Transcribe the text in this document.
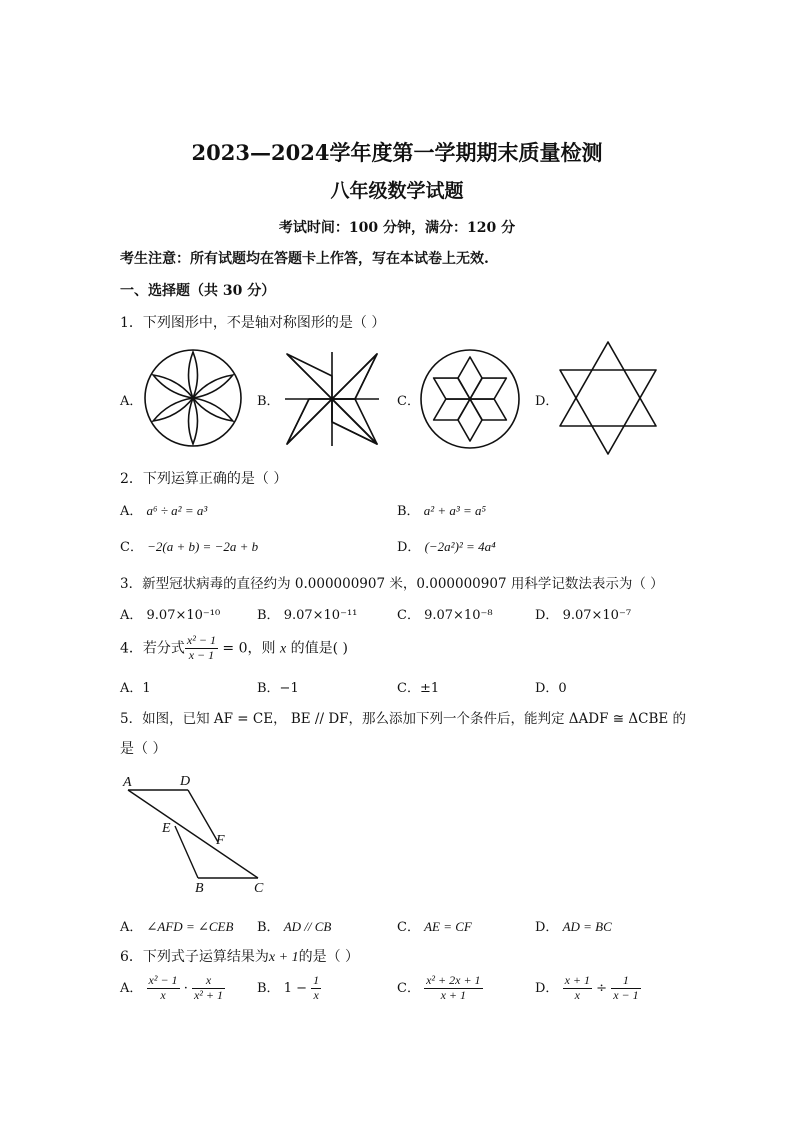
2023—2024学年度第一学期期末质量检测
八年级数学试题
考试时间：100 分钟，满分：120 分
考生注意：所有试题均在答题卡上作答，写在本试卷上无效.
一、选择题（共 30 分）
1．下列图形中，不是轴对称图形的是（ ）
A．	B．	C．	D．
2．下列运算正确的是（ ）
A． a⁶ ÷ a² = a³	B． a² + a³ = a⁵
C． −2(a + b) = −2a + b	D． (−2a²)² = 4a⁴
3．新型冠状病毒的直径约为 0.000000907 米，0.000000907 用科学记数法表示为（ ）
A． 9.07×10⁻¹⁰	B． 9.07×10⁻¹¹	C． 9.07×10⁻⁸	D． 9.07×10⁻⁷
4．若分式 $\frac{\text{x² − 1}}{x - 1} = 0$，则 x 的值是( )
A．1	B．−1	C．±1	D．0
5．如图，已知 AF = CE， BE // DF，那么添加下列一个条件后，能判定 ΔADF ≅ ΔCBE 的
是（ ）
A	D
E
F
B	C
A． ∠AFD = ∠CEB B． AD // CB	C． AE = CF	D． AD = BC
6．下列式子运算结果为x + 1的是（ ）
A． $\frac{\text{x² − 1}}{x} \cdot \frac{x}{\text{x² + 1}}$ B． $1 - \frac{1}{x}$	C． $\frac{\text{x² + 2x + 1}}{x + 1}$	D． $\frac{x + 1}{x} \div \frac{1}{x - 1}$
